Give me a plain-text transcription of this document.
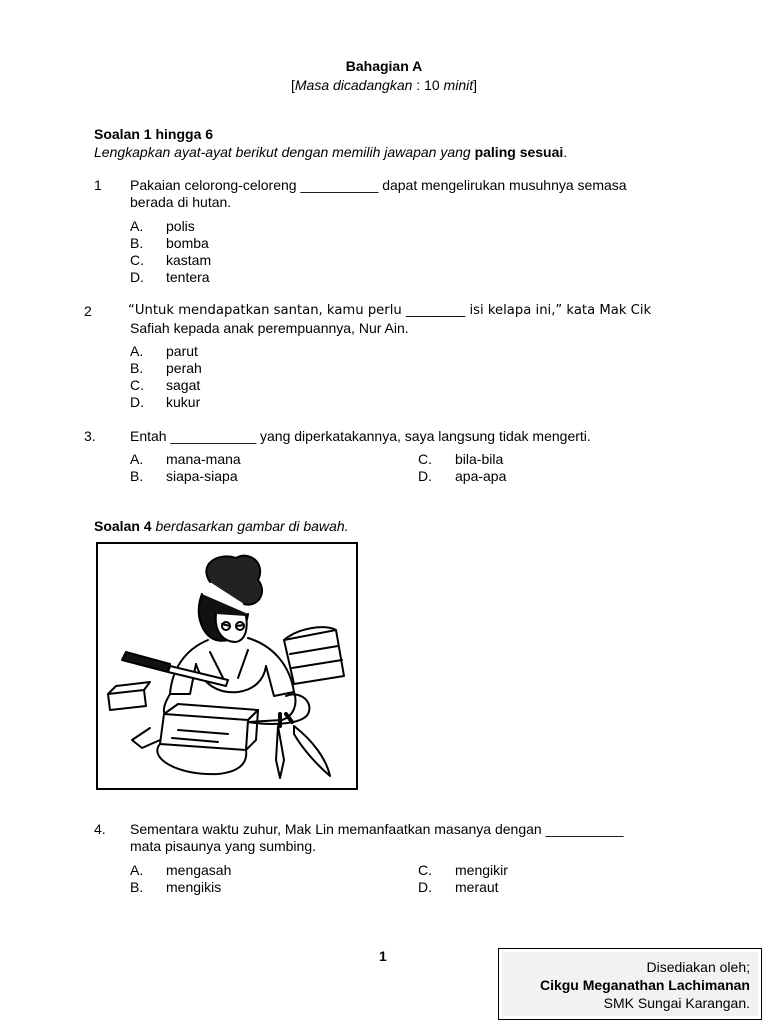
Bahagian A
[Masa dicadangkan : 10 minit]
Soalan 1 hingga 6
Lengkapkan ayat-ayat berikut dengan memilih jawapan yang paling sesuai.
1 Pakaian celorong-celoreng __________ dapat mengelirukan musuhnya semasa
berada di hutan.
A. polis
B. bomba
C. kastam
D. tentera
2	“Untuk mendapatkan santan, kamu perlu _________ isi kelapa ini,” kata Mak Cik
Safiah kepada anak perempuannya, Nur Ain.
A. parut
B. perah
C. sagat
D. kukur
3. Entah ___________ yang diperkatakannya, saya langsung tidak mengerti.
A. mana-mana
B. siapa-siapa
C. bila-bila
D. apa-apa
Soalan 4 berdasarkan gambar di bawah.
4. Sementara waktu zuhur, Mak Lin memanfaatkan masanya dengan __________
mata pisaunya yang sumbing.
A. mengasah
B. mengikis
C. mengikir
D. meraut
1
Disediakan oleh;
Cikgu Meganathan Lachimanan
SMK Sungai Karangan.
